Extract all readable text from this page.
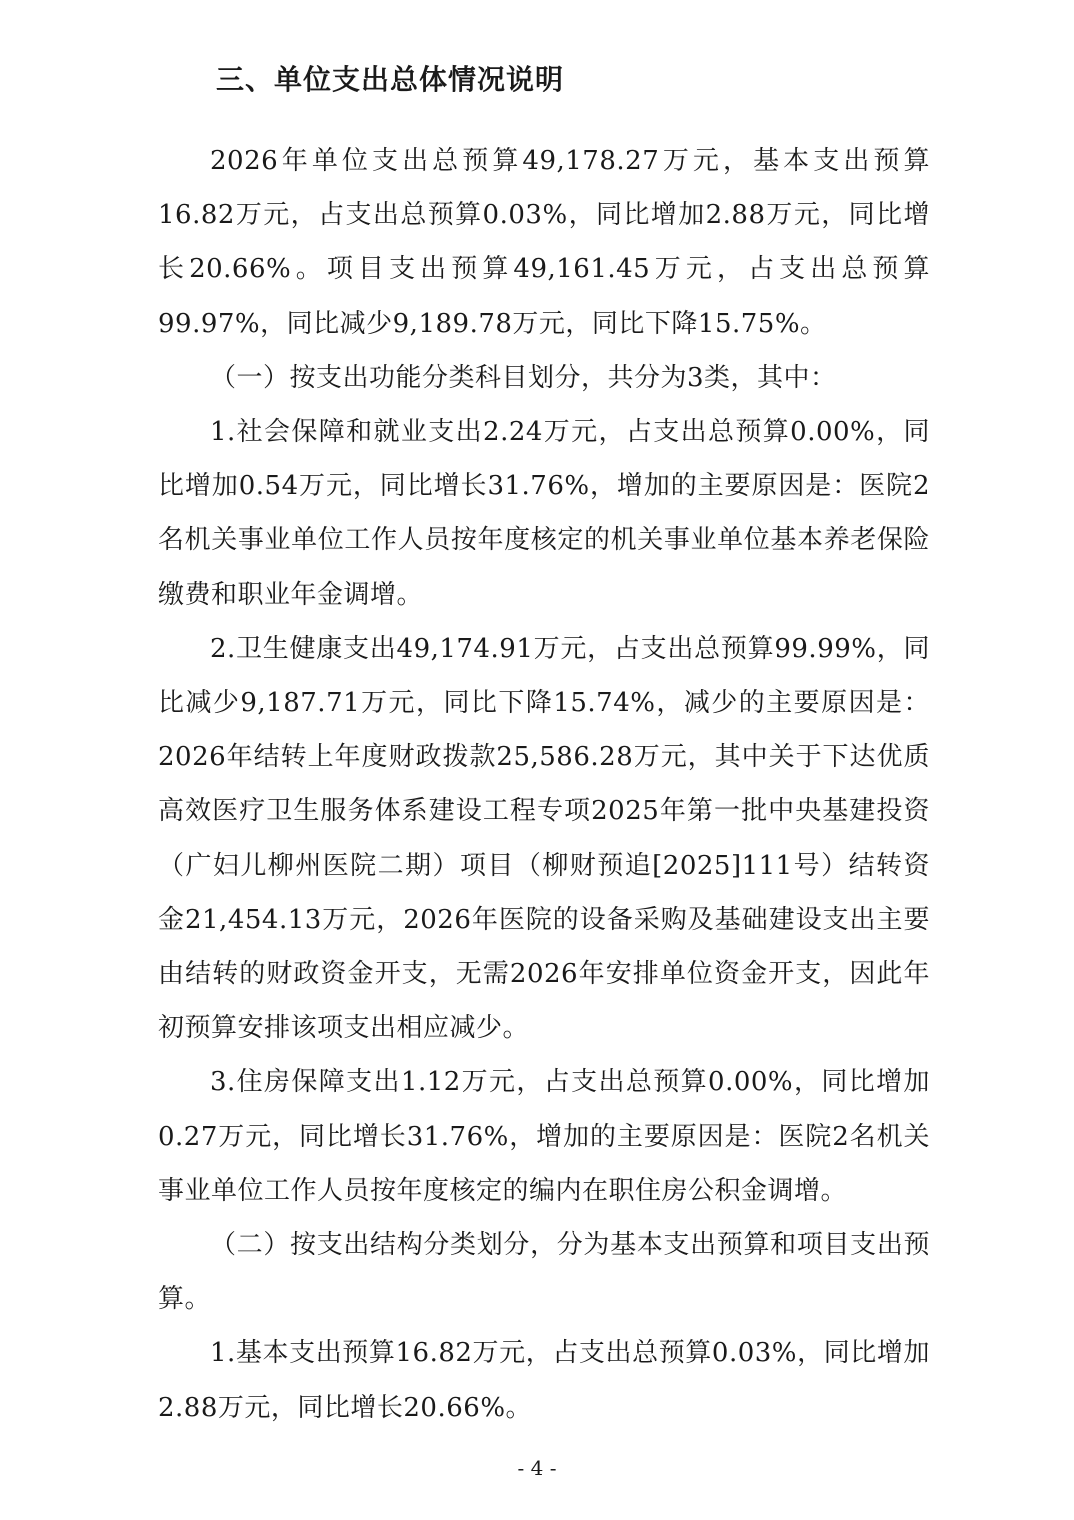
三、单位支出总体情况说明

2026年单位支出总预算49,178.27万元，基本支出预算16.82万元，占支出总预算0.03%，同比增加2.88万元，同比增长20.66%。项目支出预算49,161.45万元，占支出总预算99.97%，同比减少9,189.78万元，同比下降15.75%。

（一）按支出功能分类科目划分，共分为3类，其中：

1.社会保障和就业支出2.24万元，占支出总预算0.00%，同比增加0.54万元，同比增长31.76%，增加的主要原因是：医院2名机关事业单位工作人员按年度核定的机关事业单位基本养老保险缴费和职业年金调增。

2.卫生健康支出49,174.91万元，占支出总预算99.99%，同比减少9,187.71万元，同比下降15.74%，减少的主要原因是：2026年结转上年度财政拨款25,586.28万元，其中关于下达优质高效医疗卫生服务体系建设工程专项2025年第一批中央基建投资（广妇儿柳州医院二期）项目（柳财预追[2025]111号）结转资金21,454.13万元，2026年医院的设备采购及基础建设支出主要由结转的财政资金开支，无需2026年安排单位资金开支，因此年初预算安排该项支出相应减少。

3.住房保障支出1.12万元，占支出总预算0.00%，同比增加0.27万元，同比增长31.76%，增加的主要原因是：医院2名机关事业单位工作人员按年度核定的编内在职住房公积金调增。

（二）按支出结构分类划分，分为基本支出预算和项目支出预算。

1.基本支出预算16.82万元，占支出总预算0.03%，同比增加2.88万元，同比增长20.66%。

- 4 -
